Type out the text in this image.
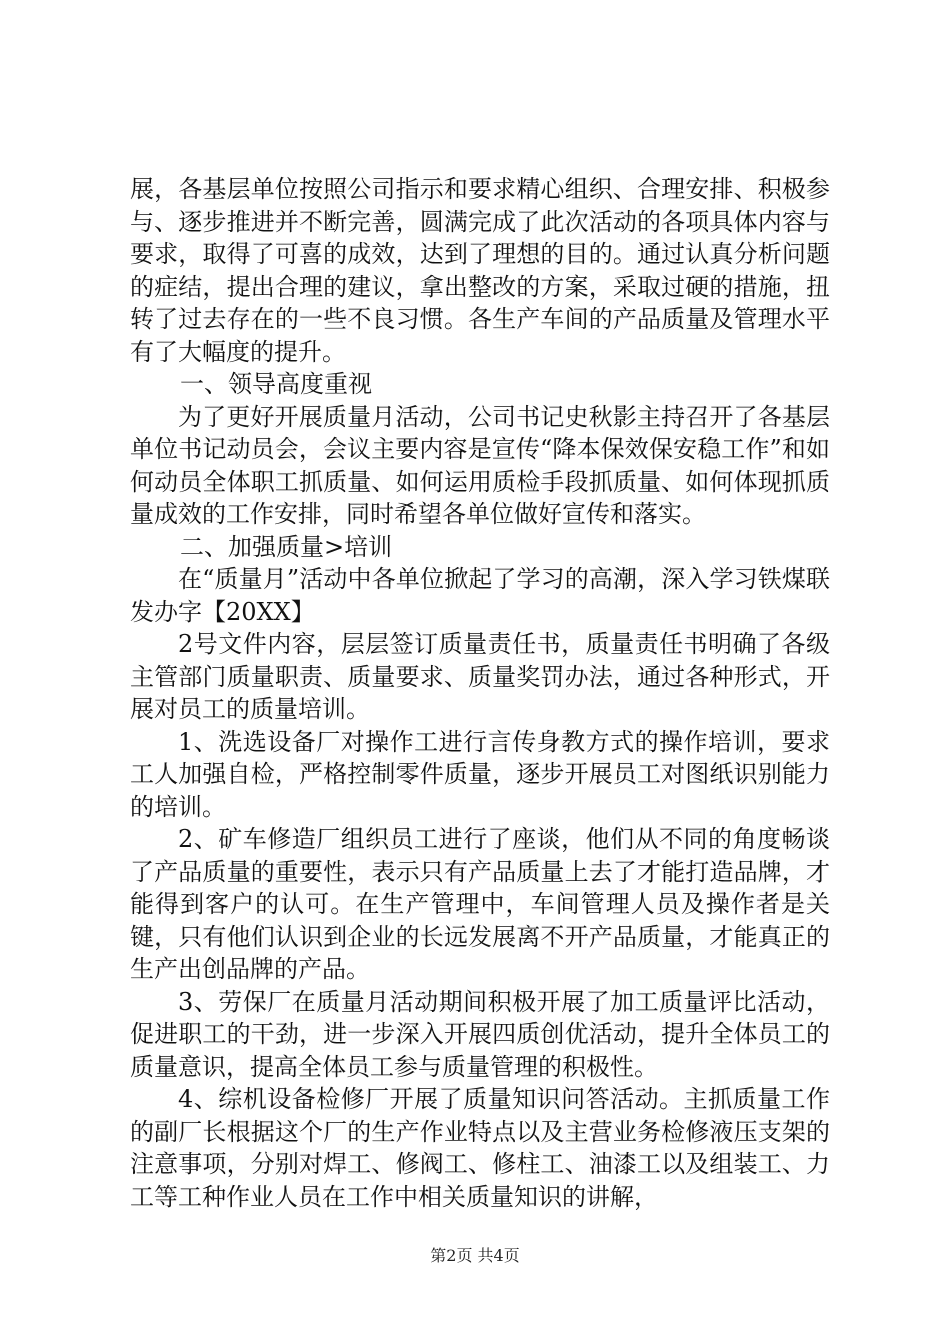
展，各基层单位按照公司指示和要求精心组织、合理安排、积极参与、逐步推进并不断完善，圆满完成了此次活动的各项具体内容与要求，取得了可喜的成效，达到了理想的目的。通过认真分析问题的症结，提出合理的建议，拿出整改的方案，采取过硬的措施，扭转了过去存在的一些不良习惯。各生产车间的产品质量及管理水平有了大幅度的提升。

一、领导高度重视

为了更好开展质量月活动，公司书记史秋影主持召开了各基层单位书记动员会，会议主要内容是宣传“降本保效保安稳工作”和如何动员全体职工抓质量、如何运用质检手段抓质量、如何体现抓质量成效的工作安排，同时希望各单位做好宣传和落实。

二、加强质量>培训

在“质量月”活动中各单位掀起了学习的高潮，深入学习铁煤联发办字【20XX】

2号文件内容，层层签订质量责任书，质量责任书明确了各级主管部门质量职责、质量要求、质量奖罚办法，通过各种形式，开展对员工的质量培训。

1、洗选设备厂对操作工进行言传身教方式的操作培训，要求工人加强自检，严格控制零件质量，逐步开展员工对图纸识别能力的培训。

2、矿车修造厂组织员工进行了座谈，他们从不同的角度畅谈了产品质量的重要性，表示只有产品质量上去了才能打造品牌，才能得到客户的认可。在生产管理中，车间管理人员及操作者是关键，只有他们认识到企业的长远发展离不开产品质量，才能真正的生产出创品牌的产品。

3、劳保厂在质量月活动期间积极开展了加工质量评比活动，促进职工的干劲，进一步深入开展四质创优活动，提升全体员工的质量意识，提高全体员工参与质量管理的积极性。

4、综机设备检修厂开展了质量知识问答活动。主抓质量工作的副厂长根据这个厂的生产作业特点以及主营业务检修液压支架的注意事项，分别对焊工、修阀工、修柱工、油漆工以及组装工、力工等工种作业人员在工作中相关质量知识的讲解，

第2页 共4页
